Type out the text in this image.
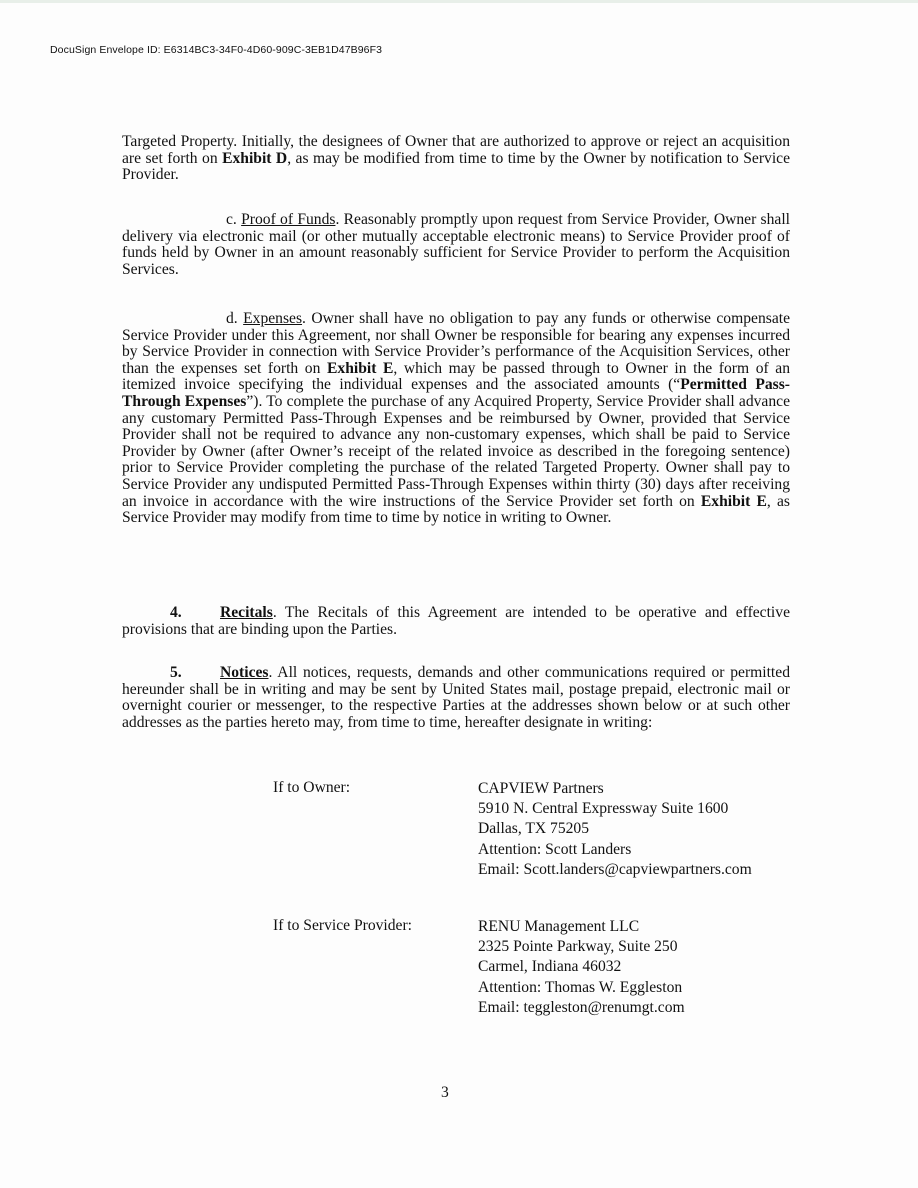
DocuSign Envelope ID: E6314BC3-34F0-4D60-909C-3EB1D47B96F3
Targeted Property. Initially, the designees of Owner that are authorized to approve or reject an acquisition are set forth on Exhibit D, as may be modified from time to time by the Owner by notification to Service Provider.
c. Proof of Funds. Reasonably promptly upon request from Service Provider, Owner shall delivery via electronic mail (or other mutually acceptable electronic means) to Service Provider proof of funds held by Owner in an amount reasonably sufficient for Service Provider to perform the Acquisition Services.
d. Expenses. Owner shall have no obligation to pay any funds or otherwise compensate Service Provider under this Agreement, nor shall Owner be responsible for bearing any expenses incurred by Service Provider in connection with Service Provider’s performance of the Acquisition Services, other than the expenses set forth on Exhibit E, which may be passed through to Owner in the form of an itemized invoice specifying the individual expenses and the associated amounts (“Permitted Pass-Through Expenses”). To complete the purchase of any Acquired Property, Service Provider shall advance any customary Permitted Pass-Through Expenses and be reimbursed by Owner, provided that Service Provider shall not be required to advance any non-customary expenses, which shall be paid to Service Provider by Owner (after Owner’s receipt of the related invoice as described in the foregoing sentence) prior to Service Provider completing the purchase of the related Targeted Property. Owner shall pay to Service Provider any undisputed Permitted Pass-Through Expenses within thirty (30) days after receiving an invoice in accordance with the wire instructions of the Service Provider set forth on Exhibit E, as Service Provider may modify from time to time by notice in writing to Owner.
4. Recitals. The Recitals of this Agreement are intended to be operative and effective provisions that are binding upon the Parties.
5. Notices. All notices, requests, demands and other communications required or permitted hereunder shall be in writing and may be sent by United States mail, postage prepaid, electronic mail or overnight courier or messenger, to the respective Parties at the addresses shown below or at such other addresses as the parties hereto may, from time to time, hereafter designate in writing:
If to Owner:	CAPVIEW Partners
5910 N. Central Expressway Suite 1600
Dallas, TX 75205
Attention: Scott Landers
Email: Scott.landers@capviewpartners.com
If to Service Provider:	RENU Management LLC
2325 Pointe Parkway, Suite 250
Carmel, Indiana 46032
Attention: Thomas W. Eggleston
Email: teggleston@renumgt.com
3
